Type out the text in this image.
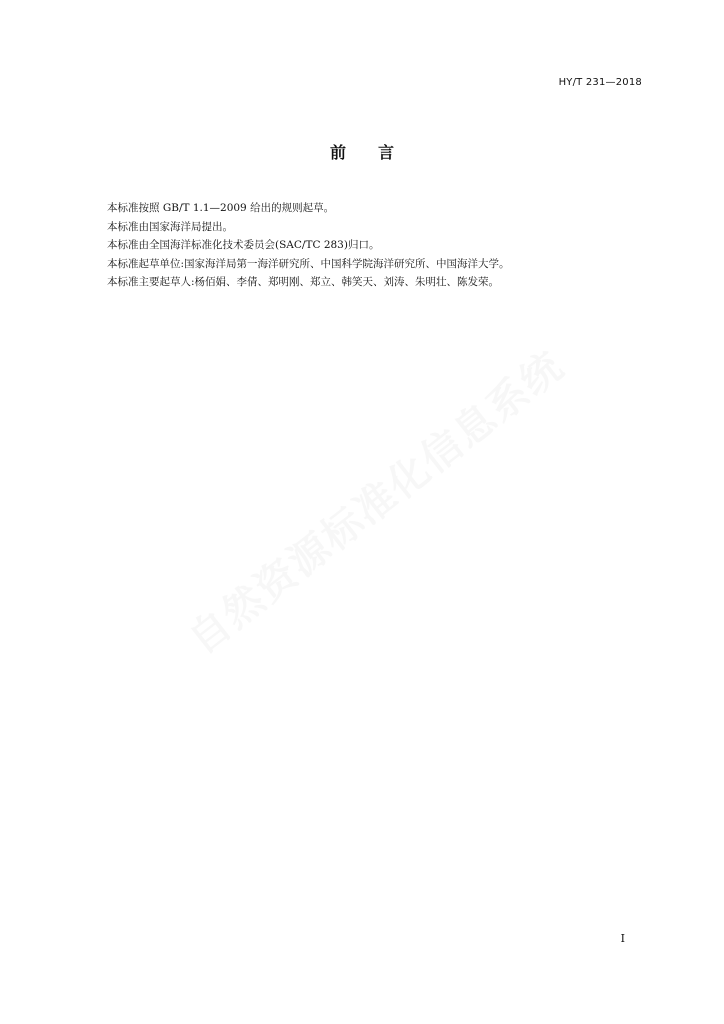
HY/T 231—2018
前言

本标准按照 GB/T 1.1—2009 给出的规则起草。

本标准由国家海洋局提出。

本标准由全国海洋标准化技术委员会(SAC/TC 283)归口。

本标准起草单位:国家海洋局第一海洋研究所、中国科学院海洋研究所、中国海洋大学。

本标准主要起草人:杨佰娟、李倩、郑明刚、郑立、韩笑天、刘涛、朱明壮、陈发荣。

自然资源标准化信息系统
I
